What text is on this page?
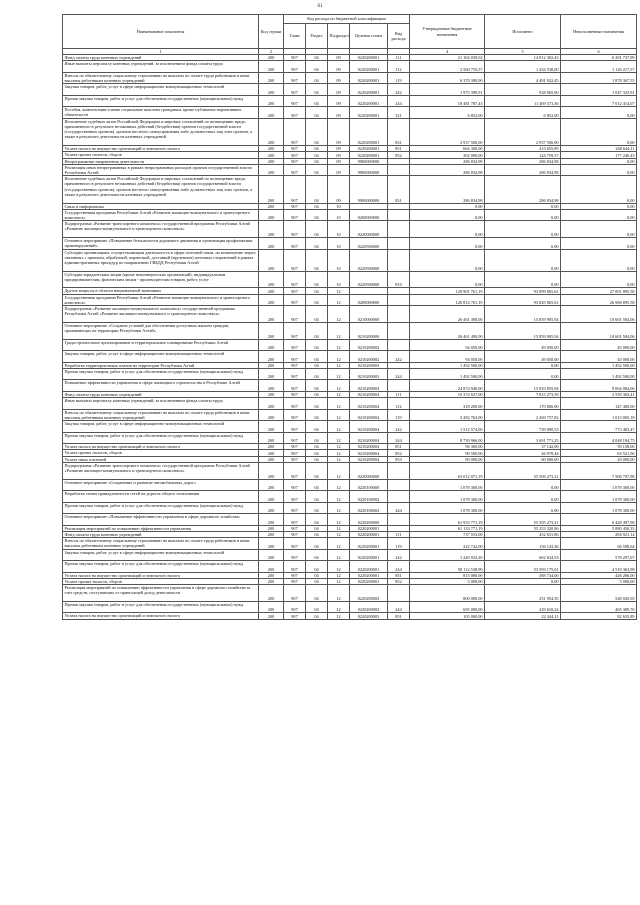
61
Наименование показателя	Код строки	Код расхода по бюджетной классификации					Утвержденные бюджетные назначения	Исполнено	Неисполненные назначения
		Глава	Раздел	Подраздел	Целевая статья	Вид расхода			
1	2						4	5	6
Фонд оплаты труда казенных учреждений	200	907	04	09	0220200001	111	21 104 039,02	14 812 302,43	6 291 737,99
Иные выплаты персоналу казенных учреждений, за исключением фонда оплаты труда	200	907	04	09	0220200001	112	2 560 755,57	1 434 538,00	1 126 217,57
Взносы по обязательному социальному страхованию на выплаты по оплате труда работников и иные выплаты работникам казенных учреждений	200	907	04	09	0220200001	119	6 370 390,00	4 491 922,45	1 878 367,55
Закупка товаров, работ, услуг в сфере информационно-коммуникационных технологий	200	907	04	09	0220200001	242	1 975 390,91	928 065,00	1 047 325,91
Прочая закупка товаров, работ и услуг для обеспечения государственных (муниципальных) нужд	200	907	04	09	0220200001	244	18 481 787,43	11 469 373,36	7 012 414,07
Пособия, компенсации и иные социальные выплаты гражданам, кроме публичных нормативных обязательств	200	907	04	09	0220200001	321	6 852,00	6 852,00	0,00
Исполнение судебных актов Российской Федерации и мировых соглашений по возмещению вреда, причиненного в результате незаконных действий (бездействия) органов государственной власти (государственных органов), органов местного самоуправления либо должностных лиц этих органов, а также в результате деятельности казенных учреждений	200	907	04	09	0220200001	831	2 937 500,00	2 937 500,00	0,00
Уплата налога на имущество организаций и земельного налога	200	907	04	09	0220200001	851	664 300,00	415 655,89	248 644,11
Уплата прочих налогов, сборов	200	907	04	09	0220200001	852	302 000,00	124 759,57	177 240,43
Непрограммные направления деятельности	200	907	04	09	9900000000		286 834,98	286 834,98	0,00
Реализация иных непрограммных в рамках непрограммных расходов органов государственной власти Республики Алтай	200	907	04	09	9900000000		286 834,98	286 834,98	0,00
Исполнение судебных актов Российской Федерации и мировых соглашений по возмещению вреда, причиненного в результате незаконных действий (бездействия) органов государственной власти (государственных органов), органов местного самоуправления либо должностных лиц этих органов, а также в результате деятельности казенных учреждений	200	907	04	09	9900000000	831	286 834,98	286 834,98	0,00
Связь и информатика	200	907	04	10			0,00	0,00	0,00
Государственная программа Республики Алтай «Развитие жилищно-коммунального и транспортного комплекса»	200	907	04	10	0200000000		0,00	0,00	0,00
Подпрограмма «Развитие транспортного комплекса» государственной программы Республики Алтай «Развитие жилищно-коммунального и транспортного комплекса»	200	907	04	10	0220000000		0,00	0,00	0,00
Основное мероприятие «Повышение безопасности дорожного движения и организация профилактики правонарушений»	200	907	04	10	0220500000		0,00	0,00	0,00
Субсидии организациям, осуществляющим деятельность в сфере почтовой связи, на возмещение затрат, связанных с приемом, обработкой, перевозкой, доставкой (вручением) почтовых отправлений в рамках административных процедур по направлению ГИБДД Республики Алтай	200	907	04	10	0220500000		0,00	0,00	0,00
Субсидии юридическим лицам (кроме некоммерческих организаций), индивидуальным предпринимателям, физическим лицам - производителям товаров, работ, услуг	200	907	04	10	0220500000	810	0,00	0,00	0,00
Другие вопросы в области национальной экономики	200	907	04	12			120 901 761,19	93 899 865,61	27 001 895,58
Государственная программа Республики Алтай «Развитие жилищно-коммунального и транспортного комплекса»	200	907	04	12	0200000000		120 814 761,19	93 845 865,61	26 968 895,58
Подпрограмма «Развитие жилищно-коммунального комплекса» государственной программы Республики Алтай «Развитие жилищно-коммунального и транспортного комплекса»	200	907	04	12	0210000000		26 461 490,00	15 859 905,94	10 601 584,06
Основное мероприятие «Создание условий для обеспечения доступным жильем граждан, проживающих на территории Республики Алтай»	200	907	04	12	0210200000		26 461 490,00	15 859 905,94	10 601 584,06
Градостроительное проектирование и территориальное планирование Республики Алтай	200	907	04	12	0210200002		94 050,00	49 050,00	45 000,00
Закупка товаров, работ, услуг в сфере информационно-коммуникационных технологий	200	907	04	12	0210200002	242	94 050,00	49 050,00	45 000,00
Разработка территориальных планов на территории Республики Алтай	200	907	04	12	0210200003		1 492 500,00	0,00	1 492 500,00
Прочая закупка товаров, работ и услуг для обеспечения государственных (муниципальных) нужд	200	907	04	12	0210200003	244	1 492 500,00	0,00	1 492 500,00
Повышение эффективности управления в сфере жилищного строительства в Республике Алтай	200	907	04	12	0210200004		24 874 940,00	15 810 855,94	9 064 084,06
Фонд оплаты труда казенных учреждений	200	907	04	12	0210200004	111	10 374 637,00	7 815 273,59	2 559 363,41
Иные выплаты персоналу казенных учреждений, за исключением фонда оплаты труда	200	907	04	12	0210200004	112	318 200,00	170 800,00	147 400,00
Взносы по обязательному социальному страхованию на выплаты по оплате труда работников и иные выплаты работникам казенных учреждений	200	907	04	12	0210200004	119	3 282 763,00	2 269 757,82	1 013 005,18
Закупка товаров, работ, услуг в сфере информационно-коммуникационных технологий	200	907	04	12	0210200004	242	1 512 574,00	739 090,53	773 483,47
Прочая закупка товаров, работ и услуг для обеспечения государственных (муниципальных) нужд	200	907	04	12	0210200004	244	8 739 966,00	3 691 771,25	4 048 194,75
Уплата налога на имущество организаций и земельного налога	200	907	04	12	0210200004	851	96 300,00	37 142,00	59 158,00
Уплата прочих налогов, сборов	200	907	04	12	0210200004	852	90 500,00	26 978,44	63 521,56
Уплата иных платежей	200	907	04	12	0210200004	853	80 000,00	60 000,00	20 000,00
Подпрограмма «Развитие транспортного комплекса» государственной программы Республики Алтай «Развитие жилищно-коммунального и транспортного комплекса»	200	907	04	12	0220000000		63 012 071,19	55 506 273,21	7 506 797,98
Основное мероприятие «Сохранение и развитие автомобильных дорог»	200	907	04	12	0220100000		1 078 300,00	0,00	1 078 300,00
Разработка схемы принадлежности сетей на дорогах общего пользования	200	907	04	12	0220100002		1 078 300,00	0,00	1 078 300,00
Прочая закупка товаров, работ и услуг для обеспечения государственных (муниципальных) нужд	200	907	04	12	0220100002	244	1 078 300,00	0,00	1 078 300,00
Основное мероприятие «Повышение эффективности управления в сфере дорожного хозяйства»	200	907	04	12	0220200000		61 933 771,19	55 505 273,21	6 428 497,98
Реализация мероприятий по повышению эффективности управления	200	907	04	12	0220200001		61 133 771,19	55 253 320,86	5 880 450,33
Фонд оплаты труда казенных учреждений	200	907	04	12	0220200001	111	737 553,00	452 631,86	284 921,14
Взносы по обязательному социальному страхованию на выплаты по оплате труда работников и иные выплаты работникам казенных учреждений	200	907	04	12	0220200001	119	222 742,00	156 143,36	66 598,64
Закупка товаров, работ, услуг в сфере информационно-коммуникационных технологий	200	907	04	12	0220200001	242	1 240 932,20	662 634,53	578 297,67
Прочая закупка товаров, работ и услуг для обеспечения государственных (муниципальных) нужд	200	907	04	12	0220200001	244	58 112 538,99	53 593 175,01	4 519 363,98
Уплата налога на имущество организаций и земельного налога	200	907	04	12	0220200001	851	815 000,00	388 734,00	426 266,00
Уплата прочих налогов, сборов	200	907	04	12	0220200001	852	5 000,00	0,00	5 000,00
Реализация мероприятий по повышению эффективности управления в сфере дорожного хозяйства за счет средств, поступивших от приносящей доход деятельности	200	907	04	12	0220200003		800 000,00	251 954,35	548 045,65
Прочая закупка товаров, работ и услуг для обеспечения государственных (муниципальных) нужд	200	907	04	12	0220200003	244	695 000,00	229 610,24	465 389,76
Уплата налога на имущество организаций и земельного налога	200	907	04	12	0220200003	851	105 000,00	22 344,11	82 655,89
